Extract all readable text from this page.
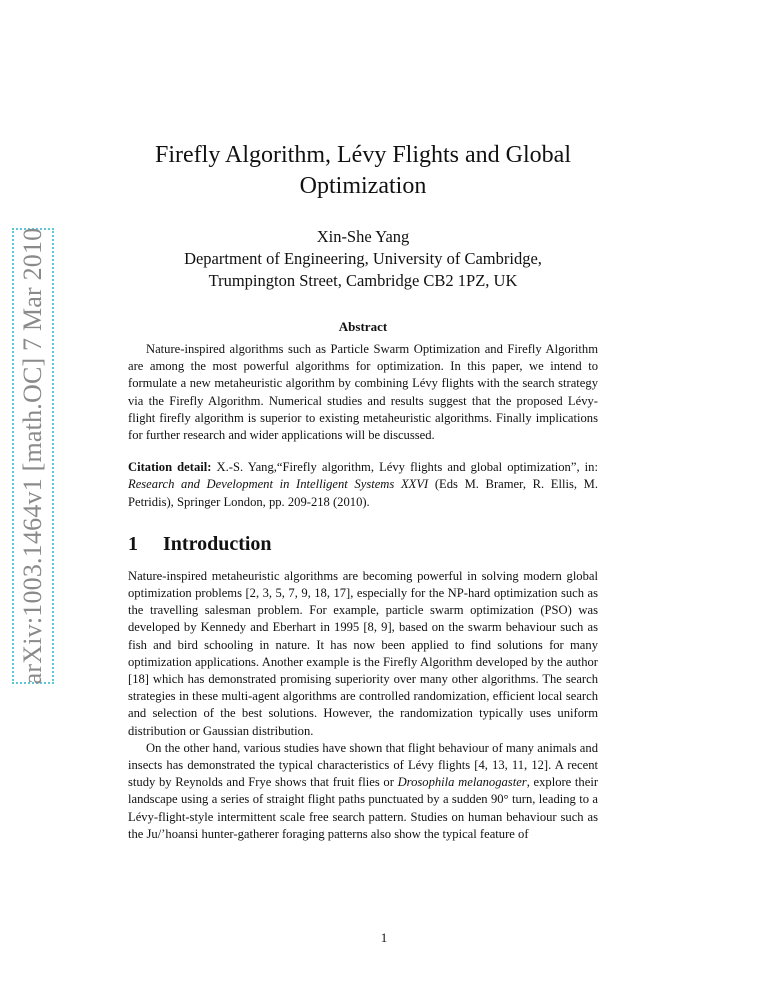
arXiv:1003.1464v1 [math.OC] 7 Mar 2010
Firefly Algorithm, Lévy Flights and Global
Optimization
Xin-She Yang
Department of Engineering, University of Cambridge,
Trumpington Street, Cambridge CB2 1PZ, UK
Abstract

Nature-inspired algorithms such as Particle Swarm Optimization and Firefly Algorithm are among the most powerful algorithms for optimization. In this paper, we intend to formulate a new metaheuristic algorithm by combining Lévy flights with the search strategy via the Firefly Algorithm. Numerical studies and results suggest that the proposed Lévy-flight firefly algorithm is superior to existing metaheuristic algorithms. Finally implications for further research and wider applications will be discussed.

Citation detail: X.-S. Yang,“Firefly algorithm, Lévy flights and global optimization”, in: Research and Development in Intelligent Systems XXVI (Eds M. Bramer, R. Ellis, M. Petridis), Springer London, pp. 209-218 (2010).
1 Introduction

Nature-inspired metaheuristic algorithms are becoming powerful in solving modern global optimization problems [2, 3, 5, 7, 9, 18, 17], especially for the NP-hard optimization such as the travelling salesman problem. For example, particle swarm optimization (PSO) was developed by Kennedy and Eberhart in 1995 [8, 9], based on the swarm behaviour such as fish and bird schooling in nature. It has now been applied to find solutions for many optimization applications. Another example is the Firefly Algorithm developed by the author [18] which has demonstrated promising superiority over many other algorithms. The search strategies in these multi-agent algorithms are controlled randomization, efficient local search and selection of the best solutions. However, the randomization typically uses uniform distribution or Gaussian distribution.

On the other hand, various studies have shown that flight behaviour of many animals and insects has demonstrated the typical characteristics of Lévy flights [4, 13, 11, 12]. A recent study by Reynolds and Frye shows that fruit flies or Drosophila melanogaster, explore their landscape using a series of straight flight paths punctuated by a sudden 90° turn, leading to a Lévy-flight-style intermittent scale free search pattern. Studies on human behaviour such as the Ju/’hoansi hunter-gatherer foraging patterns also show the typical feature of

1
